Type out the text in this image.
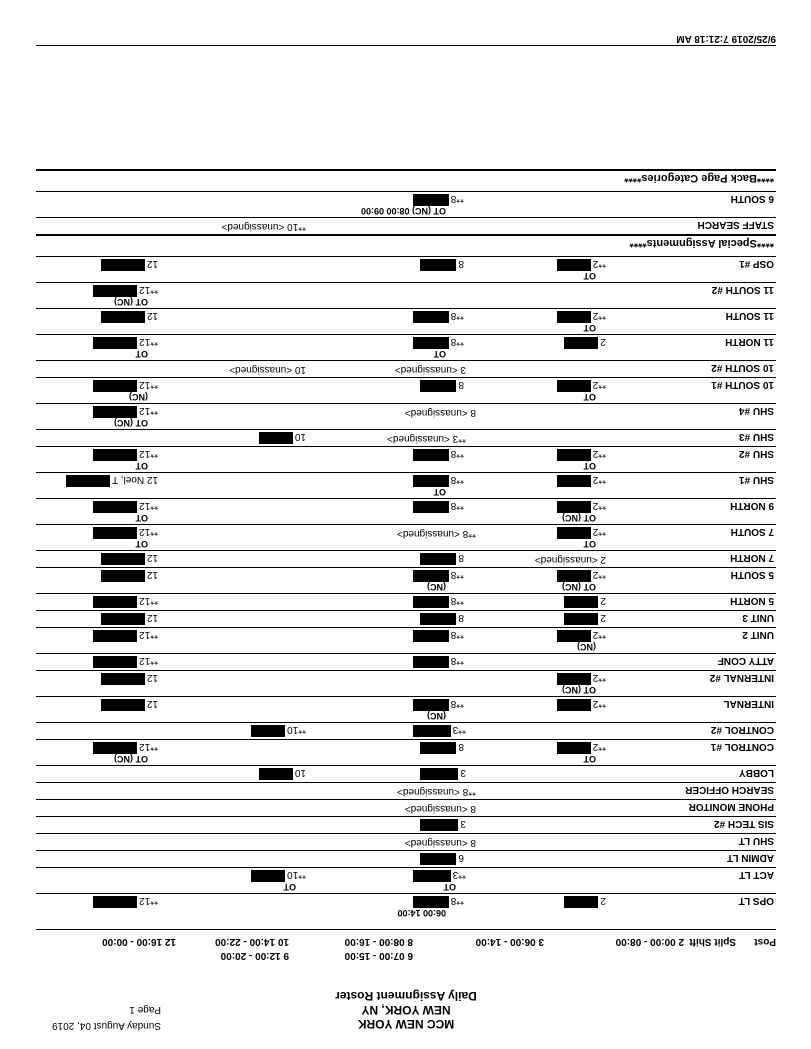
MCC NEW YORK
NEW YORK, NY
Daily Assignment Roster
Sunday August 04, 2019
Page 1
Post
Split Shift
2 00:00 - 08:00
3 06:00 - 14:00
8 08:00 - 16:00
6 07:00 - 15:00
10 14:00 - 22:00
9 12:00 - 20:00
12 16:00 - 00:00
OPS LT
2
**8
06:00 14:00
**12
ACT LT
**3
OT
**10
OT
ADMIN LT
6
SHU LT
8 <unassigned>
SIS TECH #2
3
PHONE MONITOR
8 <unassigned>
SEARCH OFFICER
**8 <unassigned>
LOBBY
3
10
CONTROL #1
**2
OT
8
**12
OT (NC)
CONTROL #2
**3
**10
INTERNAL
**2
**8
(NC)
12
INTERNAL #2
**2
OT (NC)
12
ATTY CONF
**8
**12
UNIT 2
**2
(NC)
**8
**12
UNIT 3
2
8
12
5 NORTH
2
**8
**12
5 SOUTH
**2
OT (NC)
**8
(NC)
12
7 NORTH
2 <unassigned>
8
12
7 SOUTH
**2
OT
**8 <unassigned>
**12
OT
9 NORTH
**2
OT (NC)
**8
**12
OT
SHU #1
**2
**8
OT
12 Noel, T
SHU #2
**2
OT
**8
**12
OT
SHU #3
**3 <unassigned>
10
SHU #4
8 <unassigned>
**12
OT (NC)
10 SOUTH #1
**2
OT
8
**12
(NC)
10 SOUTH #2
3 <unassigned>
10 <unassigned>
11 NORTH
2
**8
OT
**12
OT
11 SOUTH
**2
OT
**8
12
11 SOUTH #2
**12
OT (NC)
OSP #1
**2
OT
8
12
****Special Assignments****
STAFF SEARCH
**10 <unassigned>
6 SOUTH
**8
OT (NC) 08:00 09:00
****Back Page Categories****
9/25/2019 7:21:18 AM
